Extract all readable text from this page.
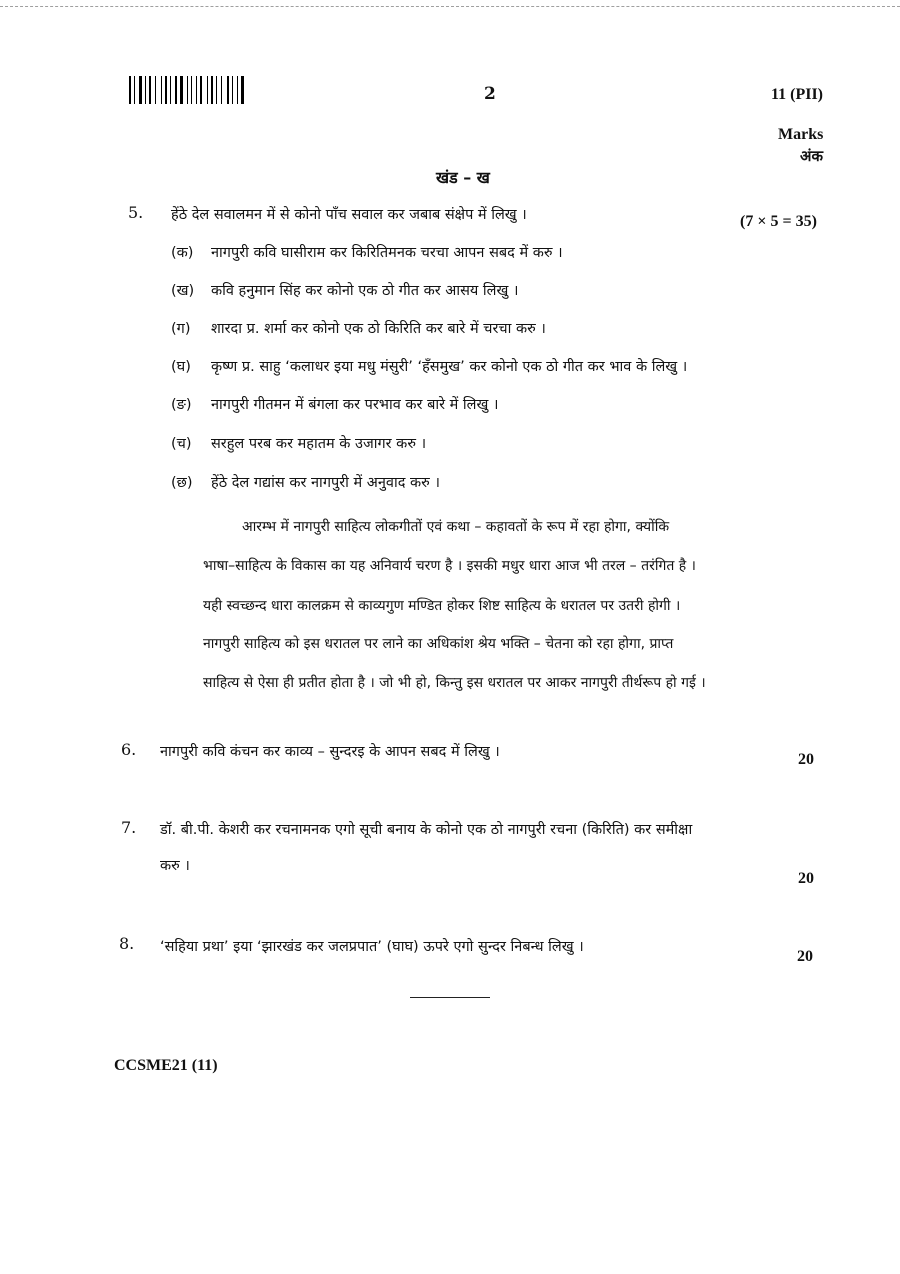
2	11 (PII)
Marks
अंक
खंड – ख
5. हेंठे देल सवालमन में से कोनो पाँच सवाल कर जबाब संक्षेप में लिखु ।	(7 × 5 = 35)
(क) नागपुरी कवि घासीराम कर किरितिमनक चरचा आपन सबद में करु ।
(ख) कवि हनुमान सिंह कर कोनो एक ठो गीत कर आसय लिखु ।
(ग) शारदा प्र. शर्मा कर कोनो एक ठो किरिति कर बारे में चरचा करु ।
(घ) कृष्ण प्र. साहु ‘कलाधर इया मधु मंसुरी’ ‘हँसमुख’ कर कोनो एक ठो गीत कर भाव के लिखु ।
(ङ) नागपुरी गीतमन में बंगला कर परभाव कर बारे में लिखु ।
(च) सरहुल परब कर महातम के उजागर करु ।
(छ) हेंठे देल गद्यांस कर नागपुरी में अनुवाद करु ।
आरम्भ में नागपुरी साहित्य लोकगीतों एवं कथा – कहावतों के रूप में रहा होगा, क्योंकि
भाषा–साहित्य के विकास का यह अनिवार्य चरण है । इसकी मधुर धारा आज भी तरल – तरंगित है ।
यही स्वच्छन्द धारा कालक्रम से काव्यगुण मण्डित होकर शिष्ट साहित्य के धरातल पर उतरी होगी ।
नागपुरी साहित्य को इस धरातल पर लाने का अधिकांश श्रेय भक्ति – चेतना को रहा होगा, प्राप्त
साहित्य से ऐसा ही प्रतीत होता है । जो भी हो, किन्तु इस धरातल पर आकर नागपुरी तीर्थरूप हो गई ।
6. नागपुरी कवि कंचन कर काव्य – सुन्दरइ के आपन सबद में लिखु ।	20
7. डॉ. बी.पी. केशरी कर रचनामनक एगो सूची बनाय के कोनो एक ठो नागपुरी रचना (किरिति) कर समीक्षा
करु ।
20
8. ‘सहिया प्रथा’ इया ‘झारखंड कर जलप्रपात’ (घाघ) ऊपरे एगो सुन्दर निबन्ध लिखु ।
20
CCSME21 (11)
